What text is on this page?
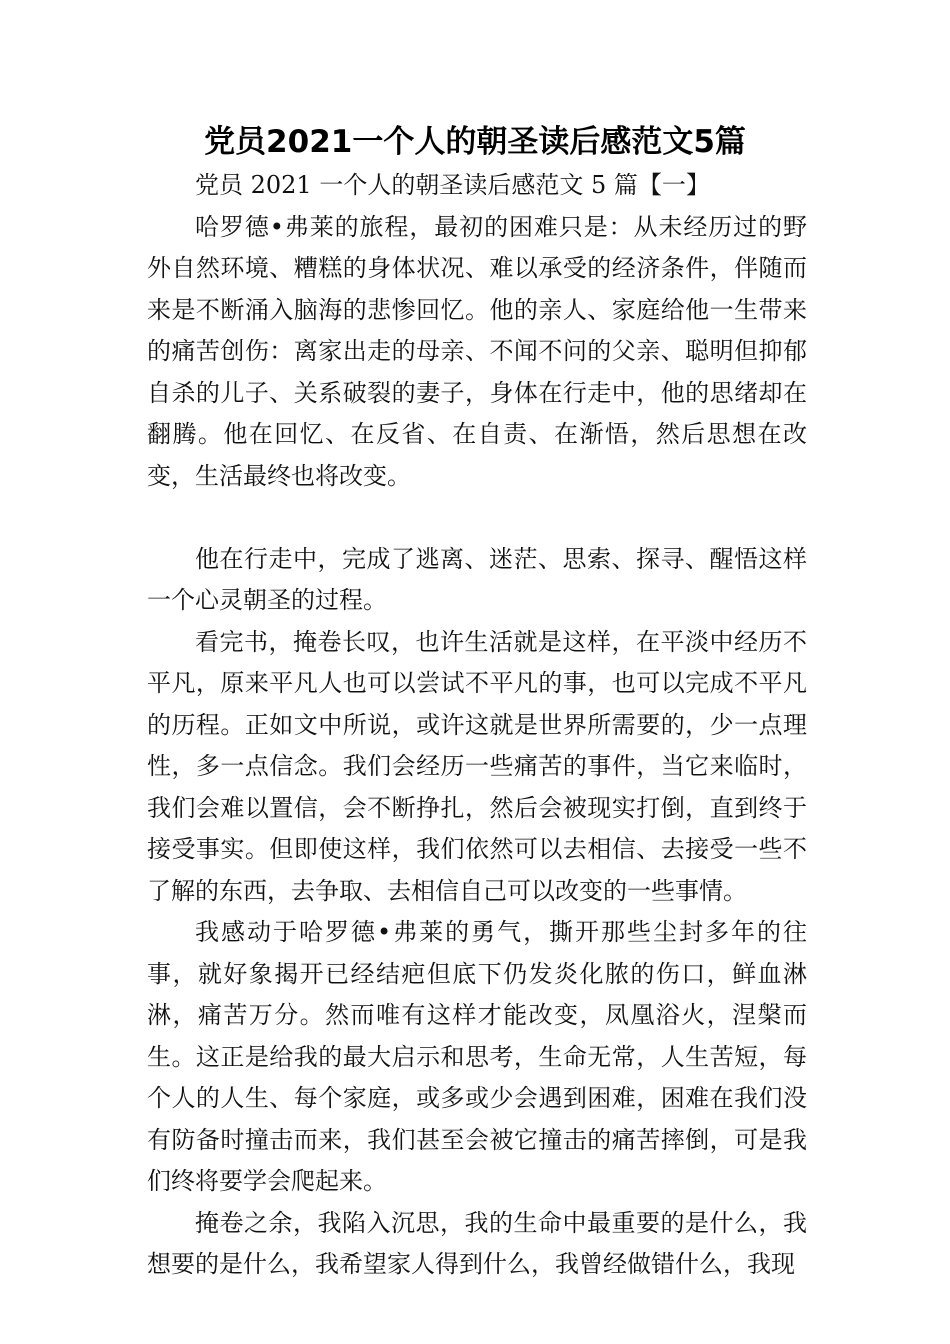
党员2021一个人的朝圣读后感范文5篇

党员 2021 一个人的朝圣读后感范文 5 篇【一】

哈罗德•弗莱的旅程，最初的困难只是：从未经历过的野外自然环境、糟糕的身体状况、难以承受的经济条件，伴随而来是不断涌入脑海的悲惨回忆。他的亲人、家庭给他一生带来的痛苦创伤：离家出走的母亲、不闻不问的父亲、聪明但抑郁自杀的儿子、关系破裂的妻子，身体在行走中，他的思绪却在翻腾。他在回忆、在反省、在自责、在渐悟，然后思想在改变，生活最终也将改变。

他在行走中，完成了逃离、迷茫、思索、探寻、醒悟这样一个心灵朝圣的过程。

看完书，掩卷长叹，也许生活就是这样，在平淡中经历不平凡，原来平凡人也可以尝试不平凡的事，也可以完成不平凡的历程。正如文中所说，或许这就是世界所需要的，少一点理性，多一点信念。我们会经历一些痛苦的事件，当它来临时，我们会难以置信，会不断挣扎，然后会被现实打倒，直到终于接受事实。但即使这样，我们依然可以去相信、去接受一些不了解的东西，去争取、去相信自己可以改变的一些事情。

我感动于哈罗德•弗莱的勇气，撕开那些尘封多年的往事，就好象揭开已经结疤但底下仍发炎化脓的伤口，鲜血淋淋，痛苦万分。然而唯有这样才能改变，凤凰浴火，涅槃而生。这正是给我的最大启示和思考，生命无常，人生苦短，每个人的人生、每个家庭，或多或少会遇到困难，困难在我们没有防备时撞击而来，我们甚至会被它撞击的痛苦摔倒，可是我们终将要学会爬起来。

掩卷之余，我陷入沉思，我的生命中最重要的是什么，我想要的是什么，我希望家人得到什么，我曾经做错什么，我现
